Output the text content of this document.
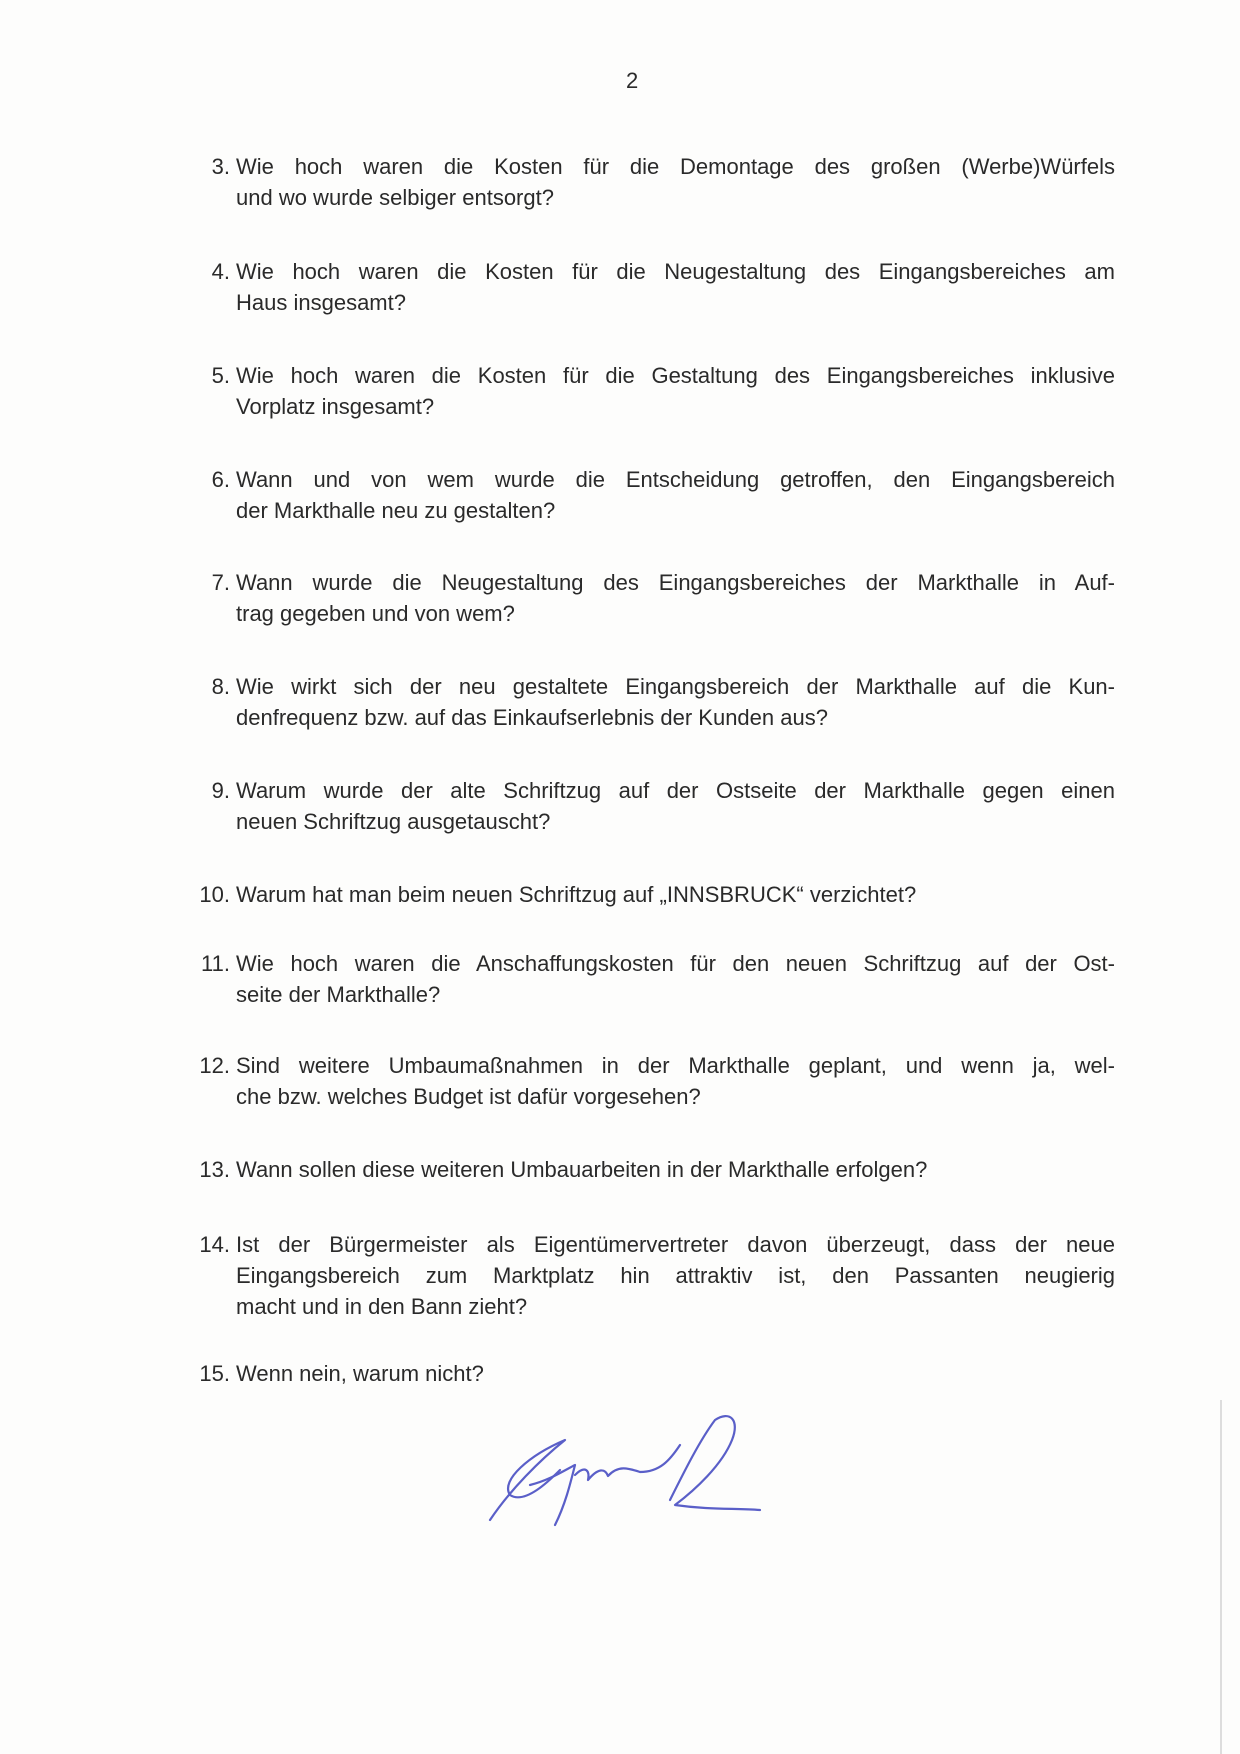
2
3. Wie hoch waren die Kosten für die Demontage des großen (Werbe)Würfels
und wo wurde selbiger entsorgt?
4. Wie hoch waren die Kosten für die Neugestaltung des Eingangsbereiches am
Haus insgesamt?
5. Wie hoch waren die Kosten für die Gestaltung des Eingangsbereiches inklusive
Vorplatz insgesamt?
6. Wann und von wem wurde die Entscheidung getroffen, den Eingangsbereich
der Markthalle neu zu gestalten?
7. Wann wurde die Neugestaltung des Eingangsbereiches der Markthalle in Auf-
trag gegeben und von wem?
8. Wie wirkt sich der neu gestaltete Eingangsbereich der Markthalle auf die Kun-
denfrequenz bzw. auf das Einkaufserlebnis der Kunden aus?
9. Warum wurde der alte Schriftzug auf der Ostseite der Markthalle gegen einen
neuen Schriftzug ausgetauscht?
10. Warum hat man beim neuen Schriftzug auf „INNSBRUCK“ verzichtet?
11. Wie hoch waren die Anschaffungskosten für den neuen Schriftzug auf der Ost-
seite der Markthalle?
12. Sind weitere Umbaumaßnahmen in der Markthalle geplant, und wenn ja, wel-
che bzw. welches Budget ist dafür vorgesehen?
13. Wann sollen diese weiteren Umbauarbeiten in der Markthalle erfolgen?
14. Ist der Bürgermeister als Eigentümervertreter davon überzeugt, dass der neue
Eingangsbereich zum Marktplatz hin attraktiv ist, den Passanten neugierig
macht und in den Bann zieht?
15. Wenn nein, warum nicht?
